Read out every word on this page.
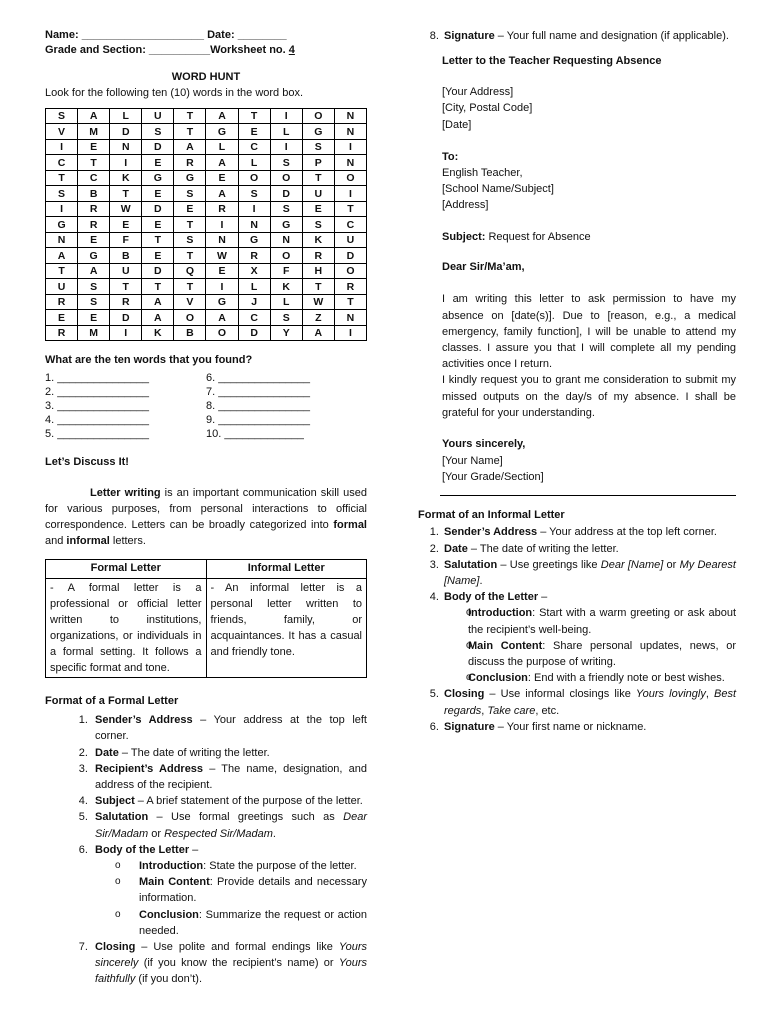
Name: ____________________ Date: ________
Grade and Section: __________Worksheet no. 4
WORD HUNT
Look for the following ten (10) words in the word box.
S	A	L	U	T	A	T	I	O	N
V	M	D	S	T	G	E	L	G	N
I	E	N	D	A	L	C	I	S	I
C	T	I	E	R	A	L	S	P	N
T	C	K	G	G	E	O	O	T	O
S	B	T	E	S	A	S	D	U	I
I	R	W	D	E	R	I	S	E	T
G	R	E	E	T	I	N	G	S	C
N	E	F	T	S	N	G	N	K	U
A	G	B	E	T	W	R	O	R	D
T	A	U	D	Q	E	X	F	H	O
U	S	T	T	T	I	L	K	T	R
R	S	R	A	V	G	J	L	W	T
E	E	D	A	O	A	C	S	Z	N
R	M	I	K	B	O	D	Y	A	I
What are the ten words that you found?
1. _______________
2. _______________
3. _______________
4. _______________
5. _______________
6. _______________
7. _______________
8. _______________
9. _______________
10. _____________
Let’s Discuss It!

Letter writing is an important communication skill used for various purposes, from personal interactions to official correspondence. Letters can be broadly categorized into formal and informal letters.

Formal Letter	Informal Letter
- A formal letter is a professional or official letter written to institutions, organizations, or individuals in a formal setting. It follows a specific format and tone.	- An informal letter is a personal letter written to friends, family, or acquaintances. It has a casual and friendly tone.
Format of a Formal Letter
1. Sender’s Address – Your address at the top left corner.
2. Date – The date of writing the letter.
3. Recipient’s Address – The name, designation, and address of the recipient.
4. Subject – A brief statement of the purpose of the letter.
5. Salutation – Use formal greetings such as Dear Sir/Madam or Respected Sir/Madam.
6. Body of the Letter –
o Introduction: State the purpose of the letter.
o Main Content: Provide details and necessary information.
o Conclusion: Summarize the request or action needed.
7. Closing – Use polite and formal endings like Yours sincerely (if you know the recipient’s name) or Yours faithfully (if you don’t).
8. Signature – Your full name and designation (if applicable).
Letter to the Teacher Requesting Absence
[Your Address]
[City, Postal Code]
[Date]
To:
English Teacher,
[School Name/Subject]
[Address]
Subject: Request for Absence
Dear Sir/Ma’am,

I am writing this letter to ask permission to have my absence on [date(s)]. Due to [reason, e.g., a medical emergency, family function], I will be unable to attend my classes. I assure you that I will complete all my pending activities once I return.

I kindly request you to grant me consideration to submit my missed outputs on the day/s of my absence. I shall be grateful for your understanding.

Yours sincerely,
[Your Name]
[Your Grade/Section]
Format of an Informal Letter
1. Sender’s Address – Your address at the top left corner.
2. Date – The date of writing the letter.
3. Salutation – Use greetings like Dear [Name] or My Dearest [Name].
4. Body of the Letter –
o Introduction: Start with a warm greeting or ask about the recipient’s well-being.
o Main Content: Share personal updates, news, or discuss the purpose of writing.
o Conclusion: End with a friendly note or best wishes.
5. Closing – Use informal closings like Yours lovingly, Best regards, Take care, etc.
6. Signature – Your first name or nickname.
